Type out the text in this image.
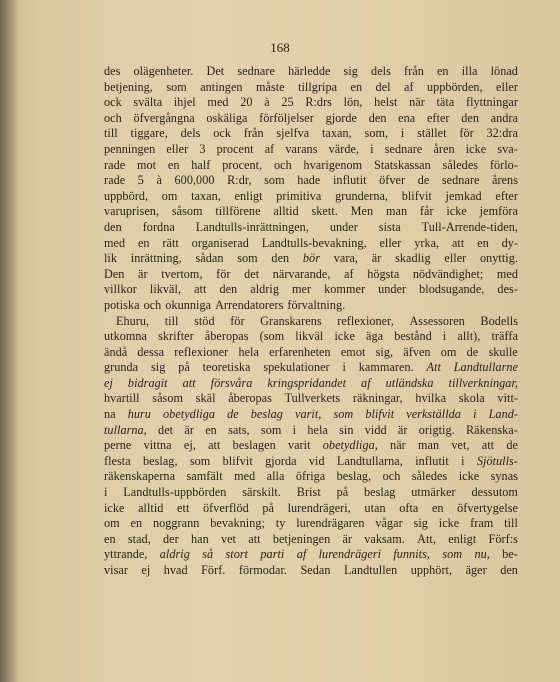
168
des olägenheter. Det sednare härledde sig dels från en illa lönad
betjening, som antingen måste tillgripa en del af uppbörden, eller
ock svälta ihjel med 20 à 25 R:drs lön, helst när täta flyttningar
och öfvergångna oskäliga förföljelser gjorde den ena efter den andra
till tiggare, dels ock från sjelfva taxan, som, i stället för 32:dra
penningen eller 3 procent af varans värde, i sednare åren icke sva-
rade mot en half procent, och hvarigenom Statskassan således förlo-
rade 5 à 600,000 R:dr, som hade influtit öfver de sednare årens
uppbörd, om taxan, enligt primitiva grunderna, blifvit jemkad efter
varuprisen, såsom tillförene alltid skett. Men man får icke jemföra
den fordna Landtulls-inrättningen, under sista Tull-Arrende-tiden,
med en rätt organiserad Landtulls-bevakning, eller yrka, att en dy-
lik inrättning, sådan som den bör vara, är skadlig eller onyttig.
Den är tvertom, för det närvarande, af högsta nödvändighet; med
villkor likväl, att den aldrig mer kommer under blodsugande, des-
potiska och okunniga Arrendatorers förvaltning.
Ehuru, till stöd för Granskarens reflexioner, Assessoren Bodells
utkomna skrifter åberopas (som likväl icke äga bestånd i allt), träffa
ändå dessa reflexioner hela erfarenheten emot sig, äfven om de skulle
grunda sig på teoretiska spekulationer i kammaren. Att Landtullarne
ej bidragit att försvåra kringspridandet af utländska tillverkningar,
hvartill såsom skäl åberopas Tullverkets räkningar, hvilka skola vitt-
na huru obetydliga de beslag varit, som blifvit verkställda i Land-
tullarna, det är en sats, som i hela sin vidd är origtig. Räkenska-
perne vittna ej, att beslagen varit obetydliga, när man vet, att de
flesta beslag, som blifvit gjorda vid Landtullarna, influtit i Sjötulls-
räkenskaperna samfält med alla öfriga beslag, och således icke synas
i Landtulls-uppbörden särskilt. Brist på beslag utmärker dessutom
icke alltid ett öfverflöd på lurendrägeri, utan ofta en öfvertygelse
om en noggrann bevakning; ty lurendrägaren vågar sig icke fram till
en stad, der han vet att betjeningen är vaksam. Att, enligt Förf:s
yttrande, aldrig så stort parti af lurendrägeri funnits, som nu, be-
visar ej hvad Förf. förmodar. Sedan Landtullen upphört, äger den
